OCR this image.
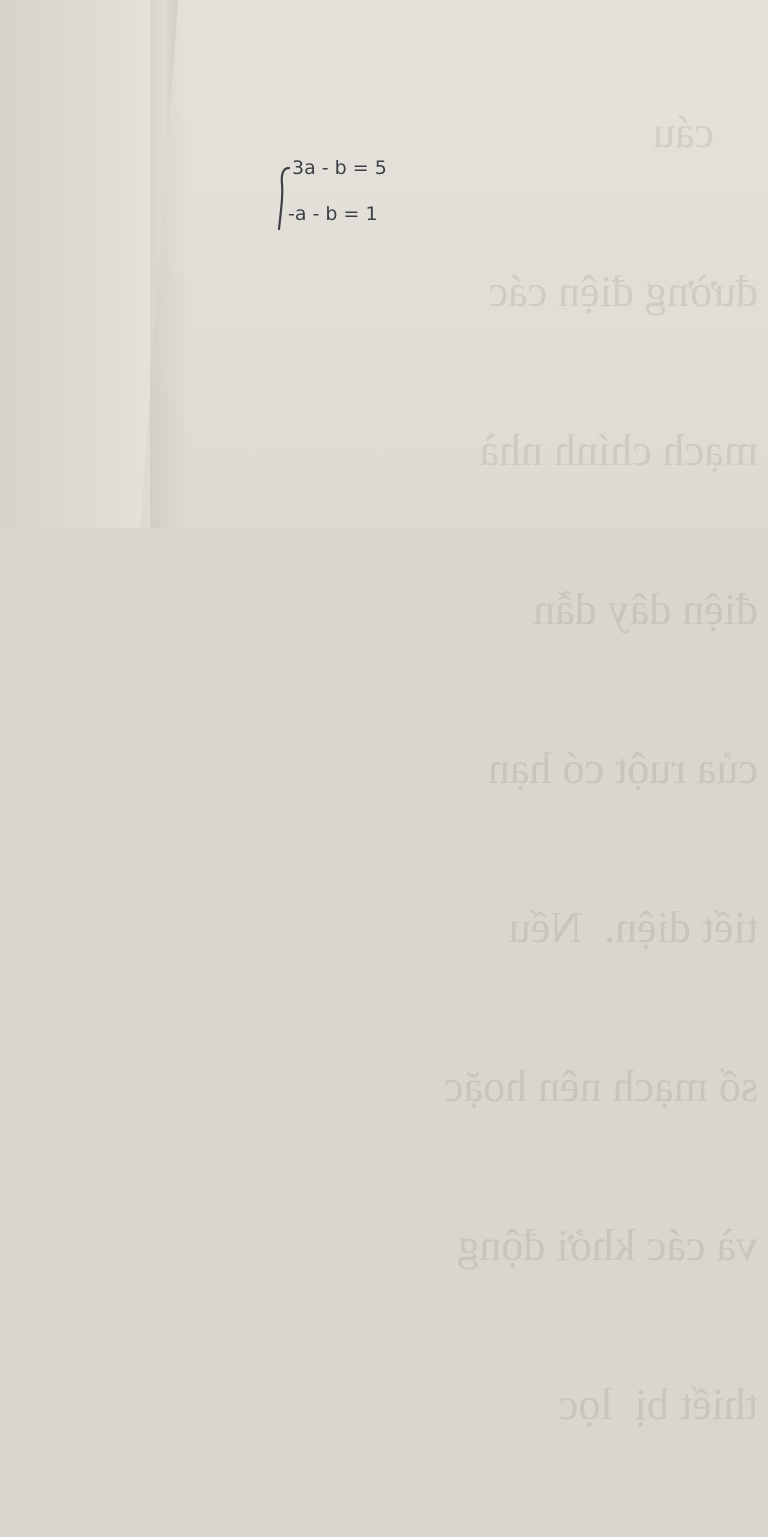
điện dây dẫn

của ruột có hạn

tiết diện.  Nếu

số mạch nên hoặc

và các khởi động

thiết bị  lọc

3a - b = 5
-a - b = 1
